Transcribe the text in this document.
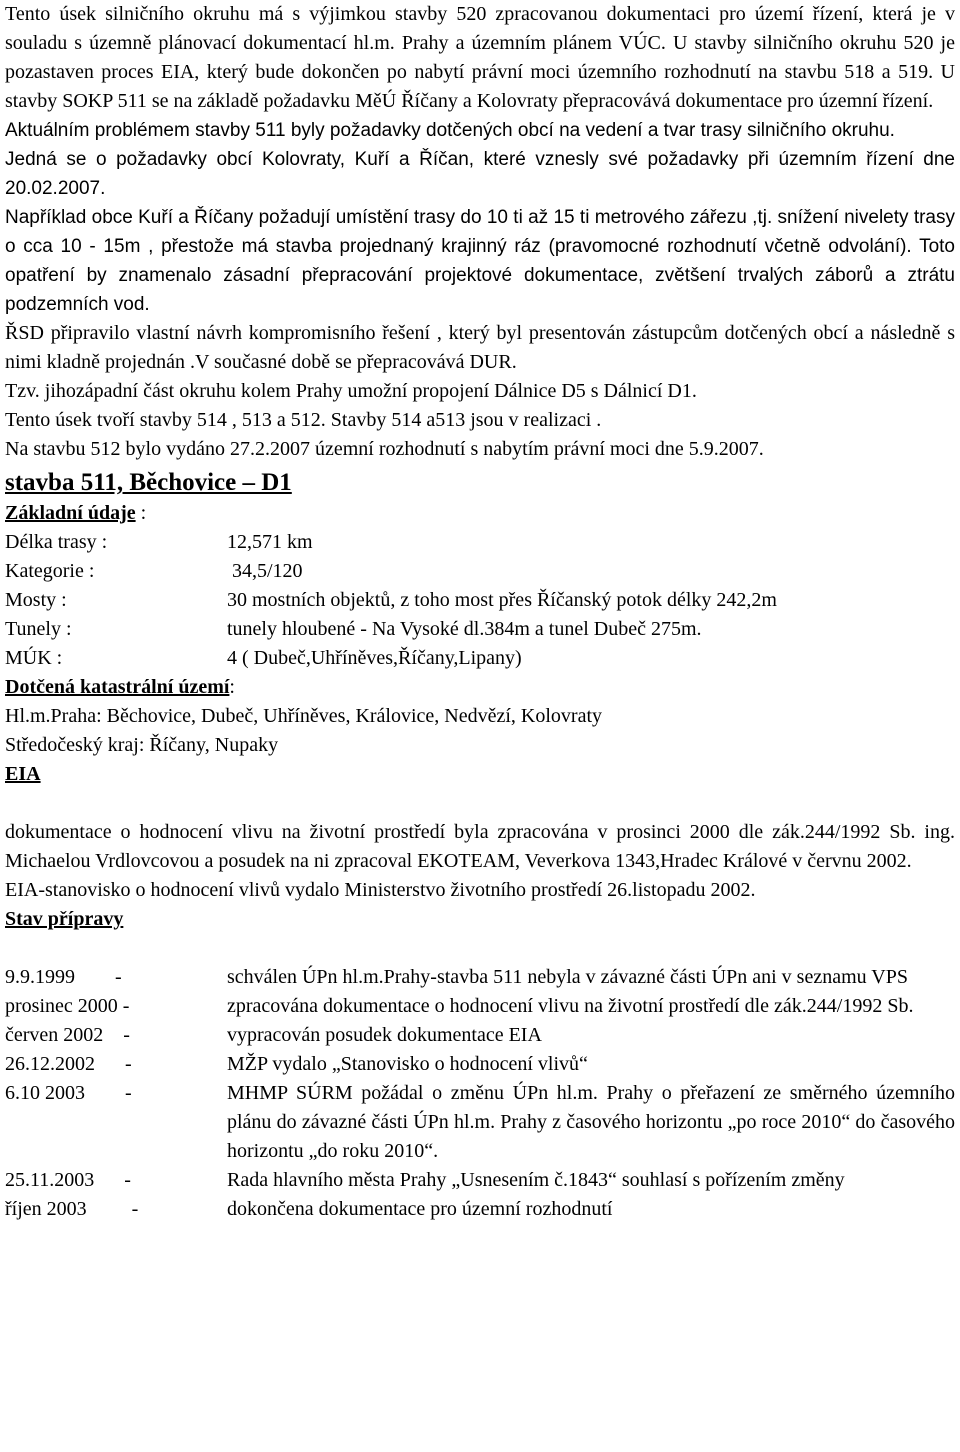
Tento úsek silničního okruhu má s výjimkou stavby 520 zpracovanou dokumentaci pro území řízení, která je v souladu s územně plánovací dokumentací hl.m. Prahy a územním plánem VÚC. U stavby silničního okruhu 520 je pozastaven proces EIA, který bude dokončen po nabytí právní moci územního rozhodnutí na stavbu 518 a 519. U stavby SOKP 511 se na základě požadavku MěÚ Říčany a Kolovraty přepracovává dokumentace pro územní řízení.

Aktuálním problémem stavby 511 byly požadavky dotčených obcí na vedení a tvar trasy silničního okruhu.

Jedná se o požadavky obcí Kolovraty, Kuří a Říčan, které vznesly své požadavky při územním řízení dne 20.02.2007.

Například obce Kuří a Říčany požadují umístění trasy do 10 ti až 15 ti metrového zářezu ,tj. snížení nivelety trasy o cca 10 - 15m , přestože má stavba projednaný krajinný ráz (pravomocné rozhodnutí včetně odvolání). Toto opatření by znamenalo zásadní přepracování projektové dokumentace, zvětšení trvalých záborů a ztrátu podzemních vod.

ŘSD připravilo vlastní návrh kompromisního řešení , který byl presentován zástupcům dotčených obcí a následně s nimi kladně projednán .V současné době se přepracovává DUR.

Tzv. jihozápadní část okruhu kolem Prahy umožní propojení Dálnice D5 s Dálnicí D1.

Tento úsek tvoří stavby 514 , 513 a 512. Stavby 514 a513 jsou v realizaci .

Na stavbu 512 bylo vydáno 27.2.2007 územní rozhodnutí s nabytím právní moci dne 5.9.2007.

stavba 511, Běchovice – D1
Základní údaje :
Délka trasy :	12,571 km
Kategorie :	34,5/120
Mosty :	30 mostních objektů, z toho most přes Říčanský potok délky 242,2m
Tunely :	tunely hloubené - Na Vysoké dl.384m a tunel Dubeč 275m.
MÚK :	4 ( Dubeč,Uhříněves,Říčany,Lipany)
Dotčená katastrální území:
Hl.m.Praha: Běchovice, Dubeč, Uhříněves, Královice, Nedvězí, Kolovraty
Středočeský kraj: Říčany, Nupaky
EIA

dokumentace o hodnocení vlivu na životní prostředí byla zpracována v prosinci 2000 dle zák.244/1992 Sb. ing. Michaelou Vrdlovcovou a posudek na ni zpracoval EKOTEAM, Veverkova 1343,Hradec Králové v červnu 2002.

EIA-stanovisko o hodnocení vlivů vydalo Ministerstvo životního prostředí 26.listopadu 2002.

Stav přípravy
9.9.1999        -	schválen ÚPn hl.m.Prahy-stavba 511 nebyla v závazné části ÚPn ani v seznamu VPS
prosinec 2000 -	zpracována dokumentace o hodnocení vlivu na životní prostředí dle zák.244/1992 Sb.
červen 2002    -	vypracován posudek dokumentace EIA
26.12.2002      -	MŽP vydalo „Stanovisko o hodnocení vlivů“
6.10 2003        -	MHMP SÚRM požádal o změnu ÚPn hl.m. Prahy o přeřazení ze směrného územního plánu do závazné části ÚPn hl.m. Prahy z časového horizontu „po roce 2010“ do časového horizontu „do roku 2010“.
25.11.2003      -	Rada hlavního města Prahy „Usnesením č.1843“ souhlasí s pořízením změny
říjen 2003         -	dokončena dokumentace pro územní rozhodnutí
